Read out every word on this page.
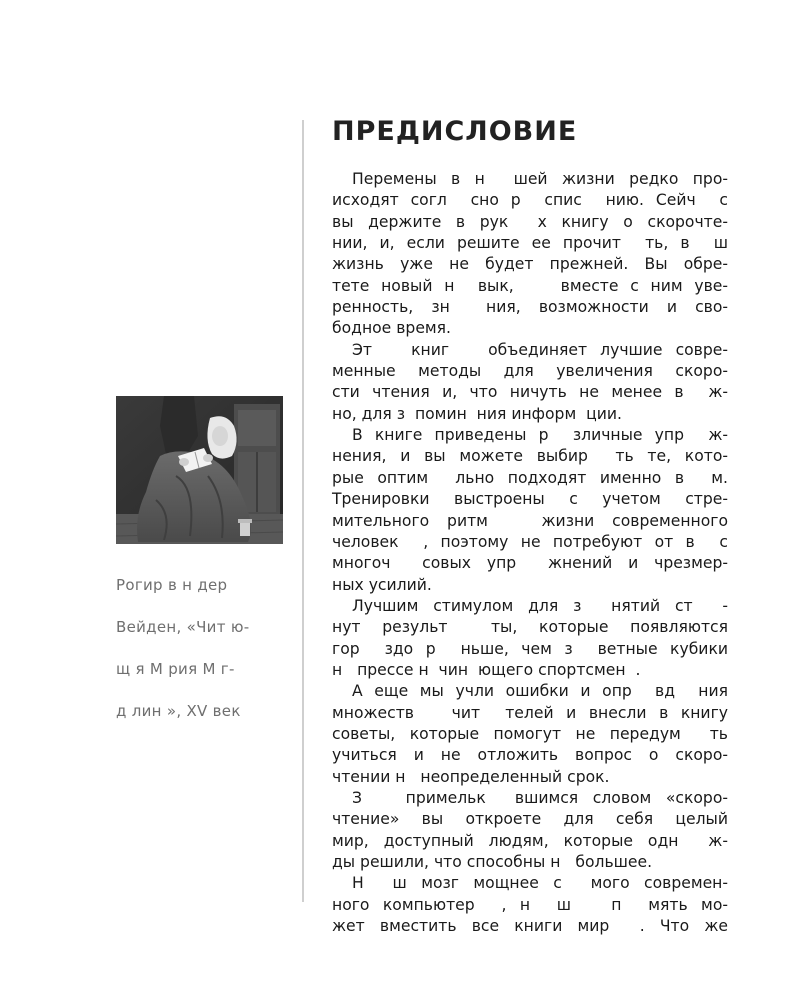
Рогир в н дер

Вейден, «Чит ю-

щ я М рия М г-

д лин », XV век

ПРЕДИСЛОВИЕ
Перемены в н  шей жизни редко про-
исходят согл  сно р  спис  нию. Сейч  с
вы держите в рук  х книгу о скорочте-
нии, и, если решите ее прочит  ть, в  ш
жизнь уже не будет прежней. Вы обре-
тете новый н  вык,    вместе с ним уве-
ренность, зн  ния, возможности и сво-
бодное время.
Эт   книг   объединяет лучшие совре-
менные методы для увеличения скоро-
сти чтения и, что ничуть не менее в  ж-
но, для з  помин  ния информ  ции.
В книге приведены р  зличные упр  ж-
нения, и вы можете выбир  ть те, кото-
рые оптим  льно подходят именно в  м.
Тренировки выстроены с учетом стре-
мительного ритм   жизни современного
человек  , поэтому не потребуют от в  с
многоч  совых упр  жнений и чрезмер-
ных усилий.
Лучшим стимулом для з  нятий ст  -
нут результ  ты, которые появляются
гор  здо р  ньше, чем з  ветные кубики
н   прессе н  чин  ющего спортсмен  .
А еще мы учли ошибки и опр  вд  ния
множеств   чит  телей и внесли в книгу
советы, которые помогут не передум  ть
учиться и не отложить вопрос о скоро-
чтении н   неопределенный срок.
З   примельк  вшимся словом «скоро-
чтение» вы откроете для себя целый
мир, доступный людям, которые одн  ж-
ды решили, что способны н   большее.
Н  ш мозг мощнее с  мого современ-
ного компьютер  , н  ш   п  мять мо-
жет вместить все книги мир  . Что же
